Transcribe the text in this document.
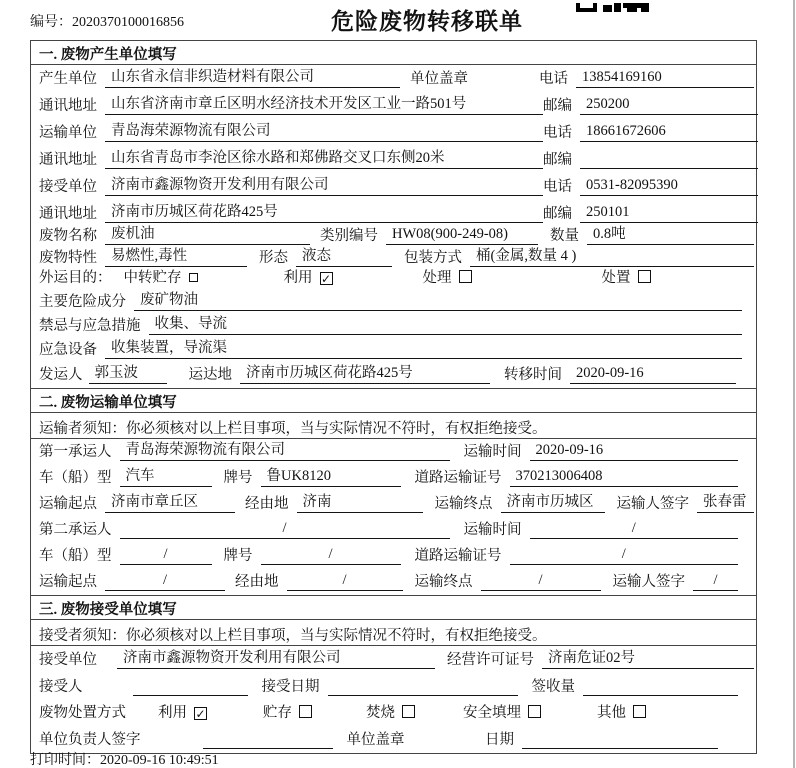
编号：2020370100016856	危险废物转移联单
一. 废物产生单位填写
产生单位 山东省永信非织造材料有限公司	单位盖章	电话 13854169160
通讯地址 山东省济南市章丘区明水经济技术开发区工业一路501号	邮编 250200
运输单位 青岛海荣源物流有限公司	电话 18661672606
通讯地址 山东省青岛市李沧区徐水路和郑佛路交叉口东侧20米	邮编
接受单位 济南市鑫源物资开发利用有限公司	电话 0531-82095390
通讯地址 济南市历城区荷花路425号	邮编 250101
废物名称 废机油	类别编号 HW08(900-249-08)	数量 0.8吨
废物特性 易燃性,毒性	形态 液态	包装方式 桶(金属,数量 4 )
外运目的： 中转贮存	利用 ✓	处理	处置
主要危险成分 废矿物油
禁忌与应急措施 收集、导流
应急设备 收集装置，导流渠
发运人 郭玉波	运达地 济南市历城区荷花路425号	转移时间 2020-09-16
二. 废物运输单位填写
运输者须知：你必须核对以上栏目事项，当与实际情况不符时，有权拒绝接受。
第一承运人 青岛海荣源物流有限公司	运输时间 2020-09-16
车（船）型 汽车	牌号 鲁UK8120	道路运输证号 370213006408
运输起点 济南市章丘区	经由地 济南	运输终点 济南市历城区	运输人签字 张春雷
第二承运人	/	运输时间	/
车（船）型	/	牌号	/	道路运输证号	/
运输起点	/	经由地	/	运输终点	/	运输人签字	/
三. 废物接受单位填写
接受者须知：你必须核对以上栏目事项，当与实际情况不符时，有权拒绝接受。
接受单位	济南市鑫源物资开发利用有限公司	经营许可证号 济南危证02号
接受人	接受日期	签收量
废物处置方式 利用 ✓	贮存	焚烧	安全填埋	其他
单位负责人签字	单位盖章	日期
打印时间：2020-09-16 10:49:51
